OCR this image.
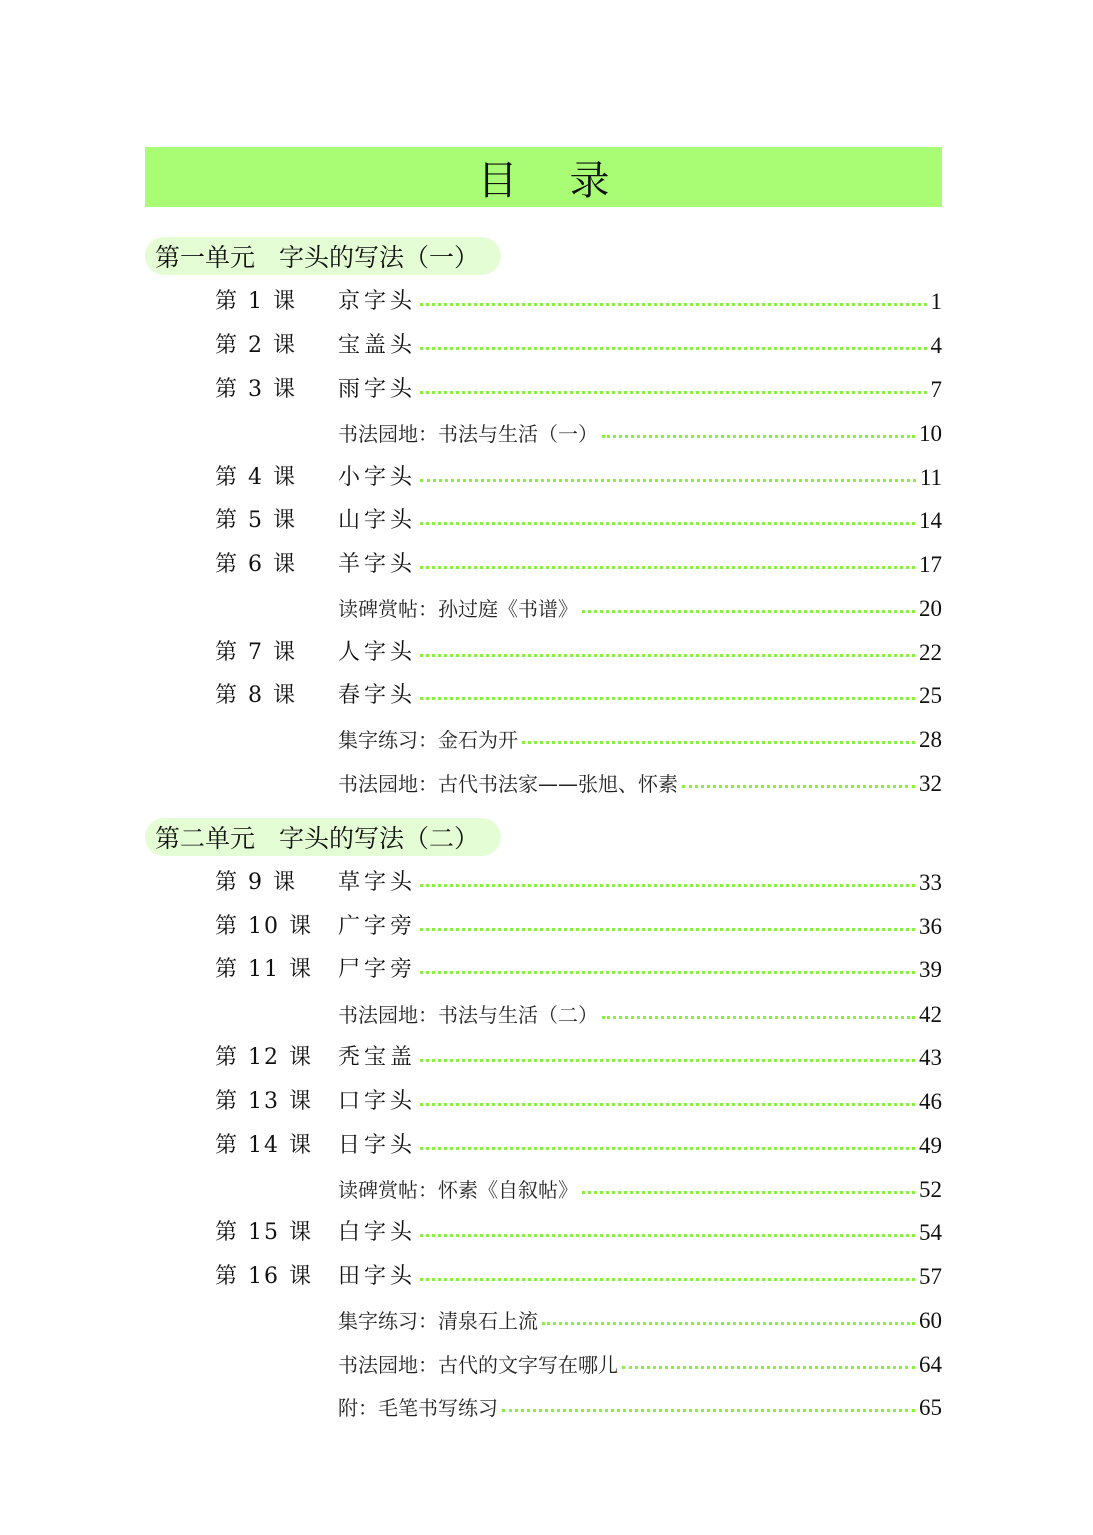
目录
第一单元 字头的写法（一）
第 1 课	京字头	1
第 2 课	宝盖头	4
第 3 课	雨字头	7
书法园地：书法与生活（一）	10
第 4 课	小字头	11
第 5 课	山字头	14
第 6 课	羊字头	17
读碑赏帖：孙过庭《书谱》	20
第 7 课	人字头	22
第 8 课	春字头	25
集字练习：金石为开	28
书法园地：古代书法家——张旭、怀素	32
第二单元 字头的写法（二）
第 9 课	草字头	33
第 10 课	广字旁	36
第 11 课	尸字旁	39
书法园地：书法与生活（二）	42
第 12 课	秃宝盖	43
第 13 课	口字头	46
第 14 课	日字头	49
读碑赏帖：怀素《自叙帖》	52
第 15 课	白字头	54
第 16 课	田字头	57
集字练习：清泉石上流	60
书法园地：古代的文字写在哪儿	64
附：毛笔书写练习	65
